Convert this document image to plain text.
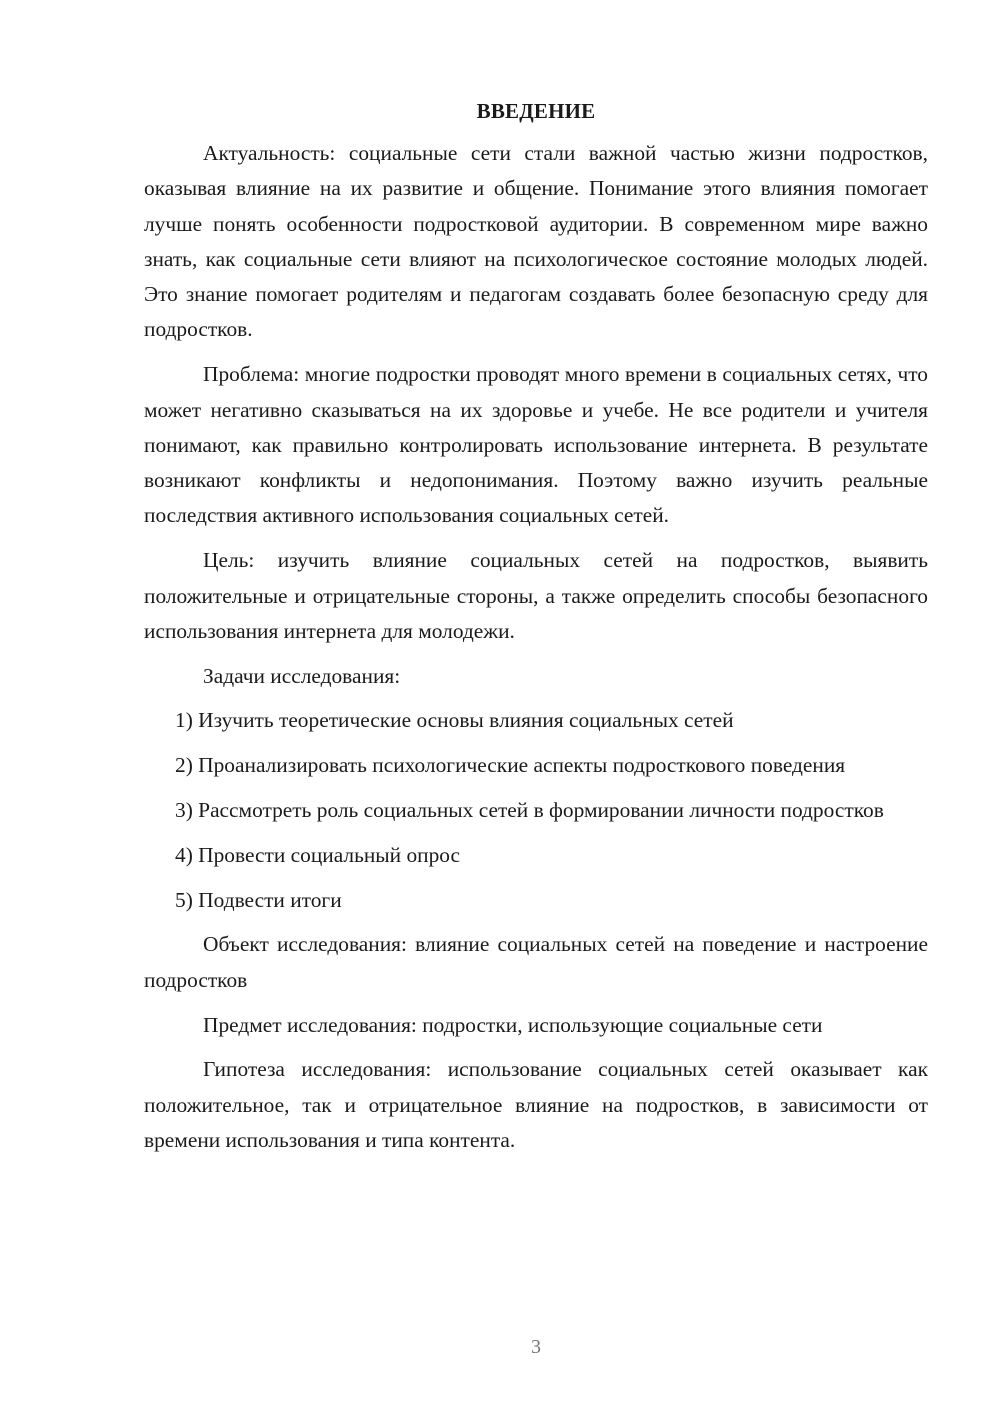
ВВЕДЕНИЕ

Актуальность: социальные сети стали важной частью жизни подростков, оказывая влияние на их развитие и общение. Понимание этого влияния помогает лучше понять особенности подростковой аудитории. В современном мире важно знать, как социальные сети влияют на психологическое состояние молодых людей. Это знание помогает родителям и педагогам создавать более безопасную среду для подростков.

Проблема: многие подростки проводят много времени в социальных сетях, что может негативно сказываться на их здоровье и учебе. Не все родители и учителя понимают, как правильно контролировать использование интернета. В результате возникают конфликты и недопонимания. Поэтому важно изучить реальные последствия активного использования социальных сетей.

Цель: изучить влияние социальных сетей на подростков, выявить положительные и отрицательные стороны, а также определить способы безопасного использования интернета для молодежи.

Задачи исследования:

1) Изучить теоретические основы влияния социальных сетей

2) Проанализировать психологические аспекты подросткового поведения

3) Рассмотреть роль социальных сетей в формировании личности подростков

4) Провести социальный опрос

5) Подвести итоги

Объект исследования: влияние социальных сетей на поведение и настроение подростков

Предмет исследования: подростки, использующие социальные сети

Гипотеза исследования: использование социальных сетей оказывает как положительное, так и отрицательное влияние на подростков, в зависимости от времени использования и типа контента.

3
